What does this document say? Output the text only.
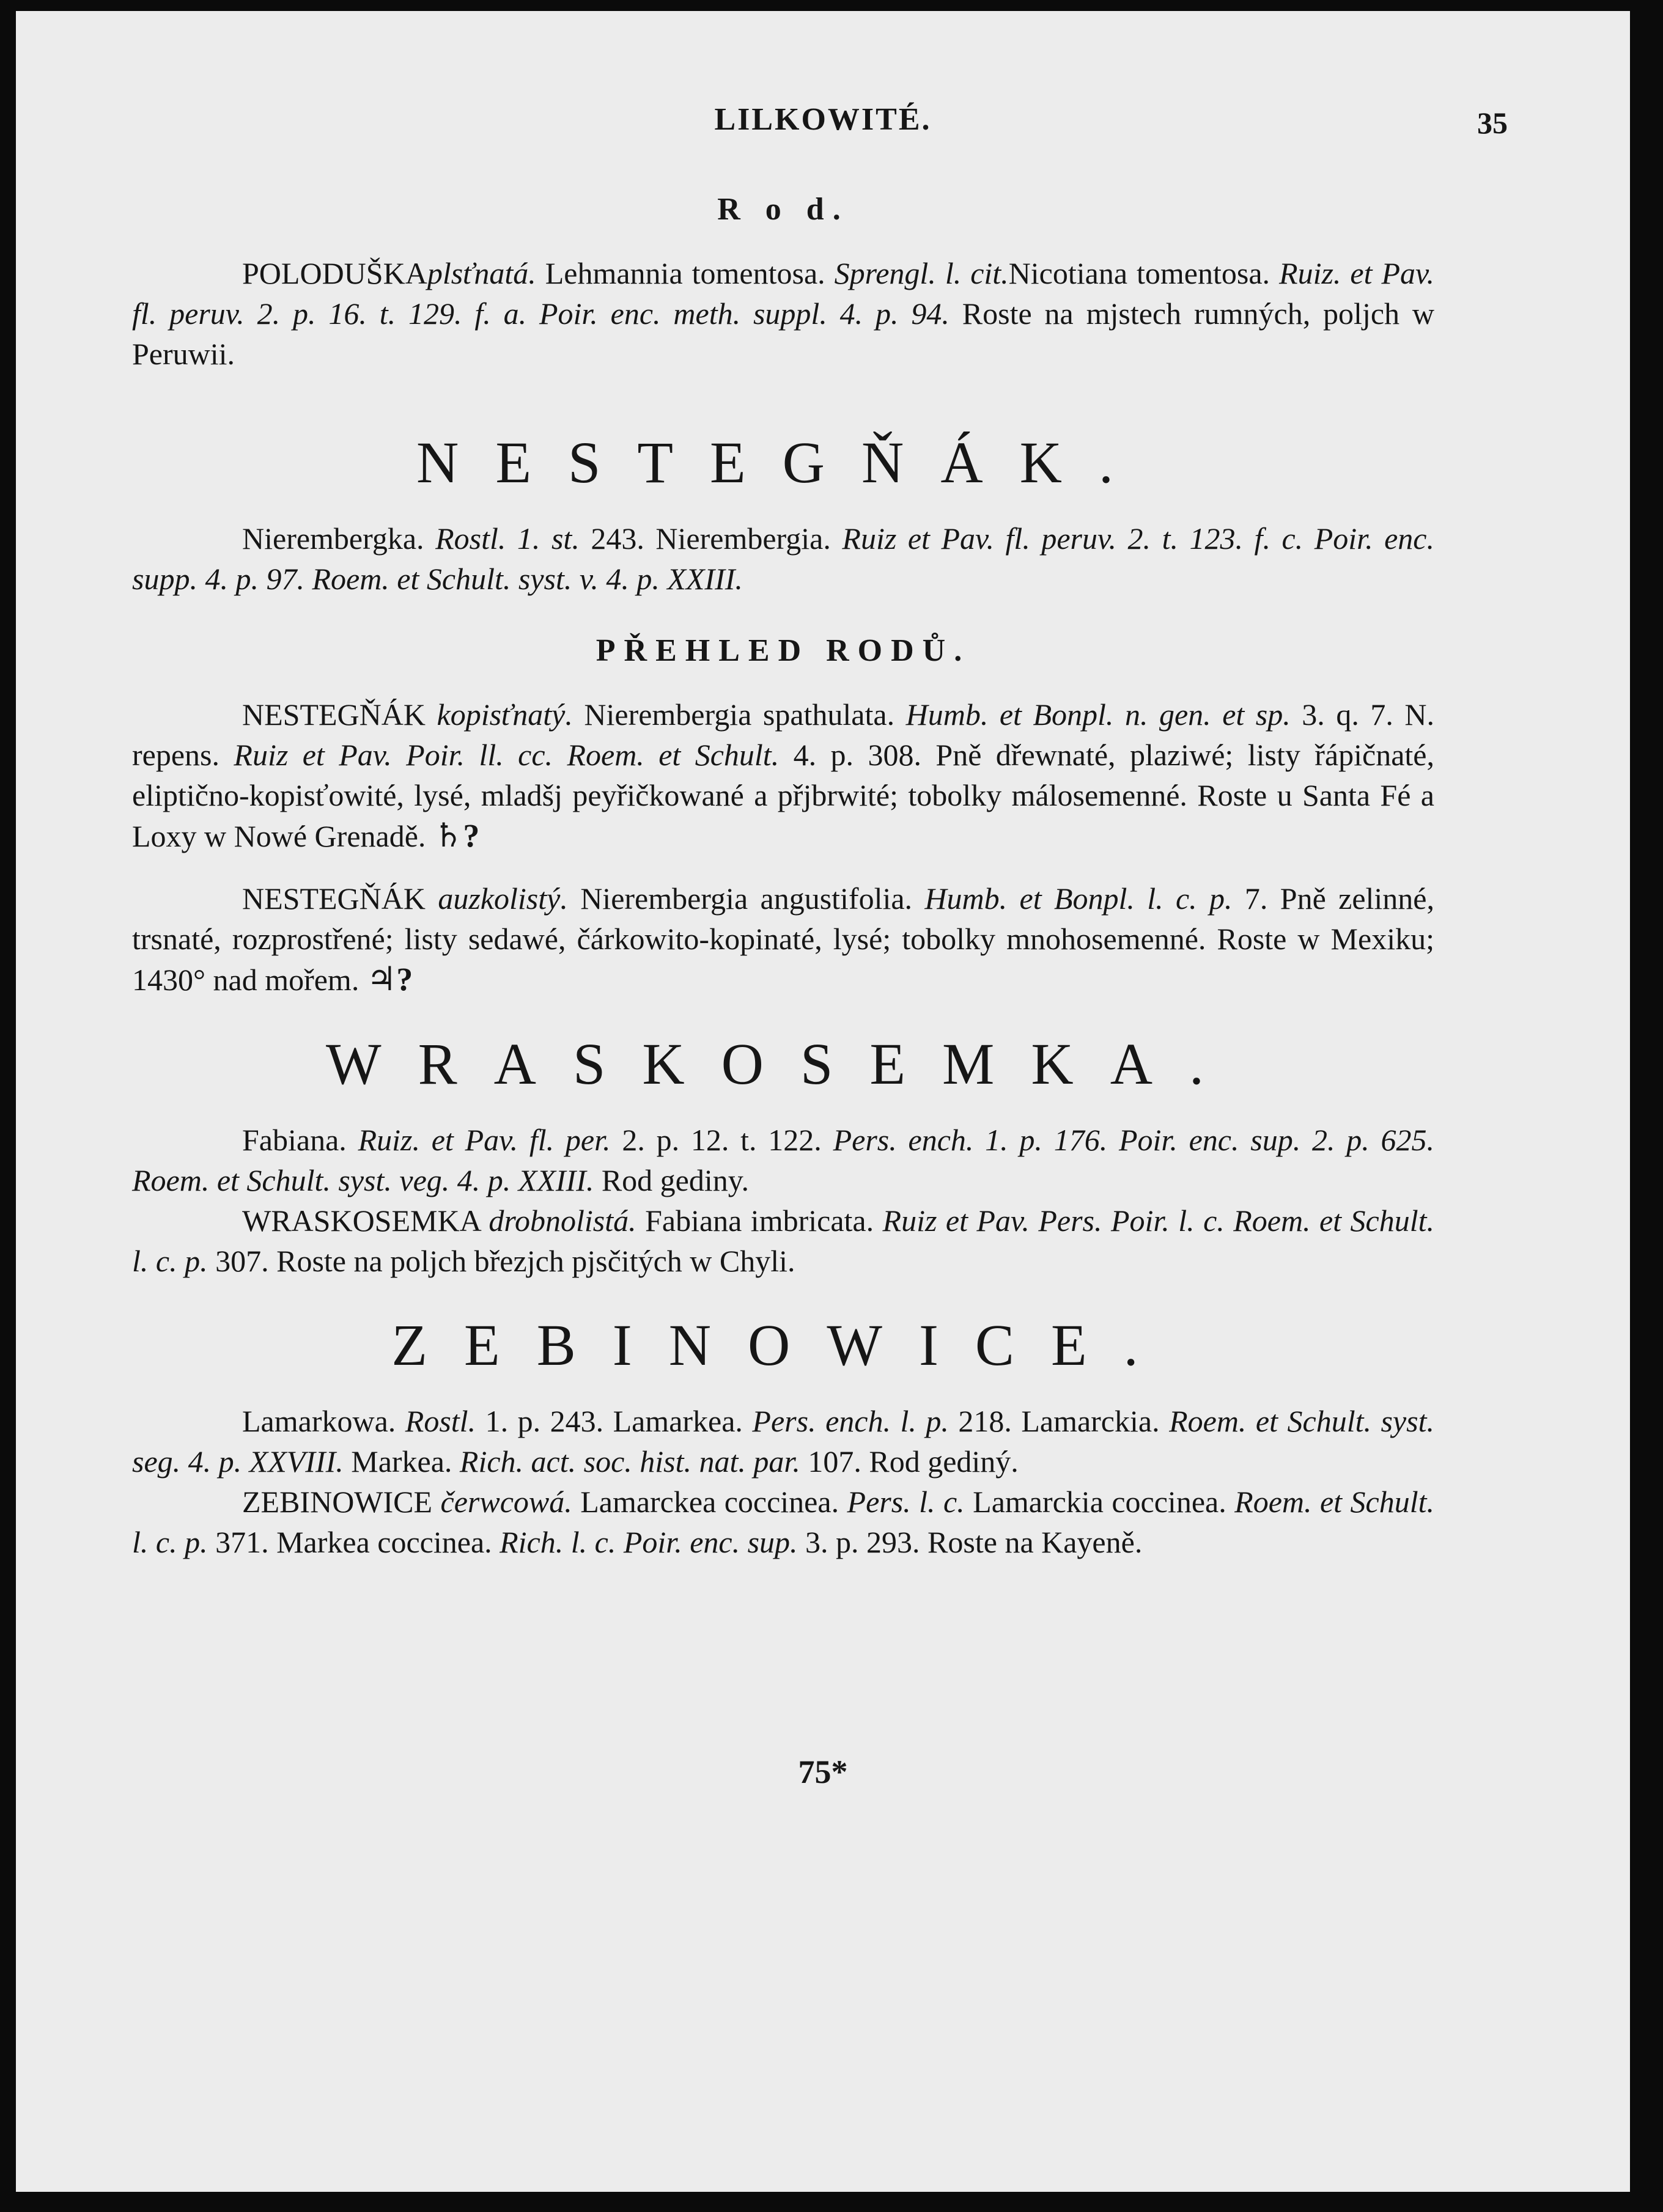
LILKOWITÉ.	35
R o d.

POLODUŠKAplsťnatá. Lehmannia tomentosa. Sprengl. l. cit.Nicotiana tomentosa. Ruiz. et Pav. fl. peruv. 2. p. 16. t. 129. f. a. Poir. enc. meth. suppl. 4. p. 94. Roste na mjstech rumných, poljch w Peruwii.

NESTEGŇÁK.

Nierembergka. Rostl. 1. st. 243. Nierembergia. Ruiz et Pav. fl. peruv. 2. t. 123. f. c. Poir. enc. supp. 4. p. 97. Roem. et Schult. syst. v. 4. p. XXIII.

PŘEHLED RODŮ.

NESTEGŇÁK kopisťnatý. Nierembergia spathulata. Humb. et Bonpl. n. gen. et sp. 3. q. 7. N. repens. Ruiz et Pav. Poir. ll. cc. Roem. et Schult. 4. p. 308. Pně dřewnaté, plaziwé; listy řápičnaté, eliptično-kopisťowité, lysé, mladšj peyřičkowané a přjbrwité; tobolky málosemenné. Roste u Santa Fé a Loxy w Nowé Grenadě. ♄?

NESTEGŇÁK auzkolistý. Nierembergia angustifolia. Humb. et Bonpl. l. c. p. 7. Pně zelinné, trsnaté, rozprostřené; listy sedawé, čárkowito-kopinaté, lysé; tobolky mnohosemenné. Roste w Mexiku; 1430° nad mořem. ♃?

WRASKOSEMKA.

Fabiana. Ruiz. et Pav. fl. per. 2. p. 12. t. 122. Pers. ench. 1. p. 176. Poir. enc. sup. 2. p. 625. Roem. et Schult. syst. veg. 4. p. XXIII. Rod gediny.

WRASKOSEMKA drobnolistá. Fabiana imbricata. Ruiz et Pav. Pers. Poir. l. c. Roem. et Schult. l. c. p. 307. Roste na poljch březjch pjsčitých w Chyli.

ZEBINOWICE.

Lamarkowa. Rostl. 1. p. 243. Lamarkea. Pers. ench. l. p. 218. Lamarckia. Roem. et Schult. syst. seg. 4. p. XXVIII. Markea. Rich. act. soc. hist. nat. par. 107. Rod gediný.

ZEBINOWICE čerwcowá. Lamarckea coccinea. Pers. l. c. Lamarckia coccinea. Roem. et Schult. l. c. p. 371. Markea coccinea. Rich. l. c. Poir. enc. sup. 3. p. 293. Roste na Kayeně.

75*
